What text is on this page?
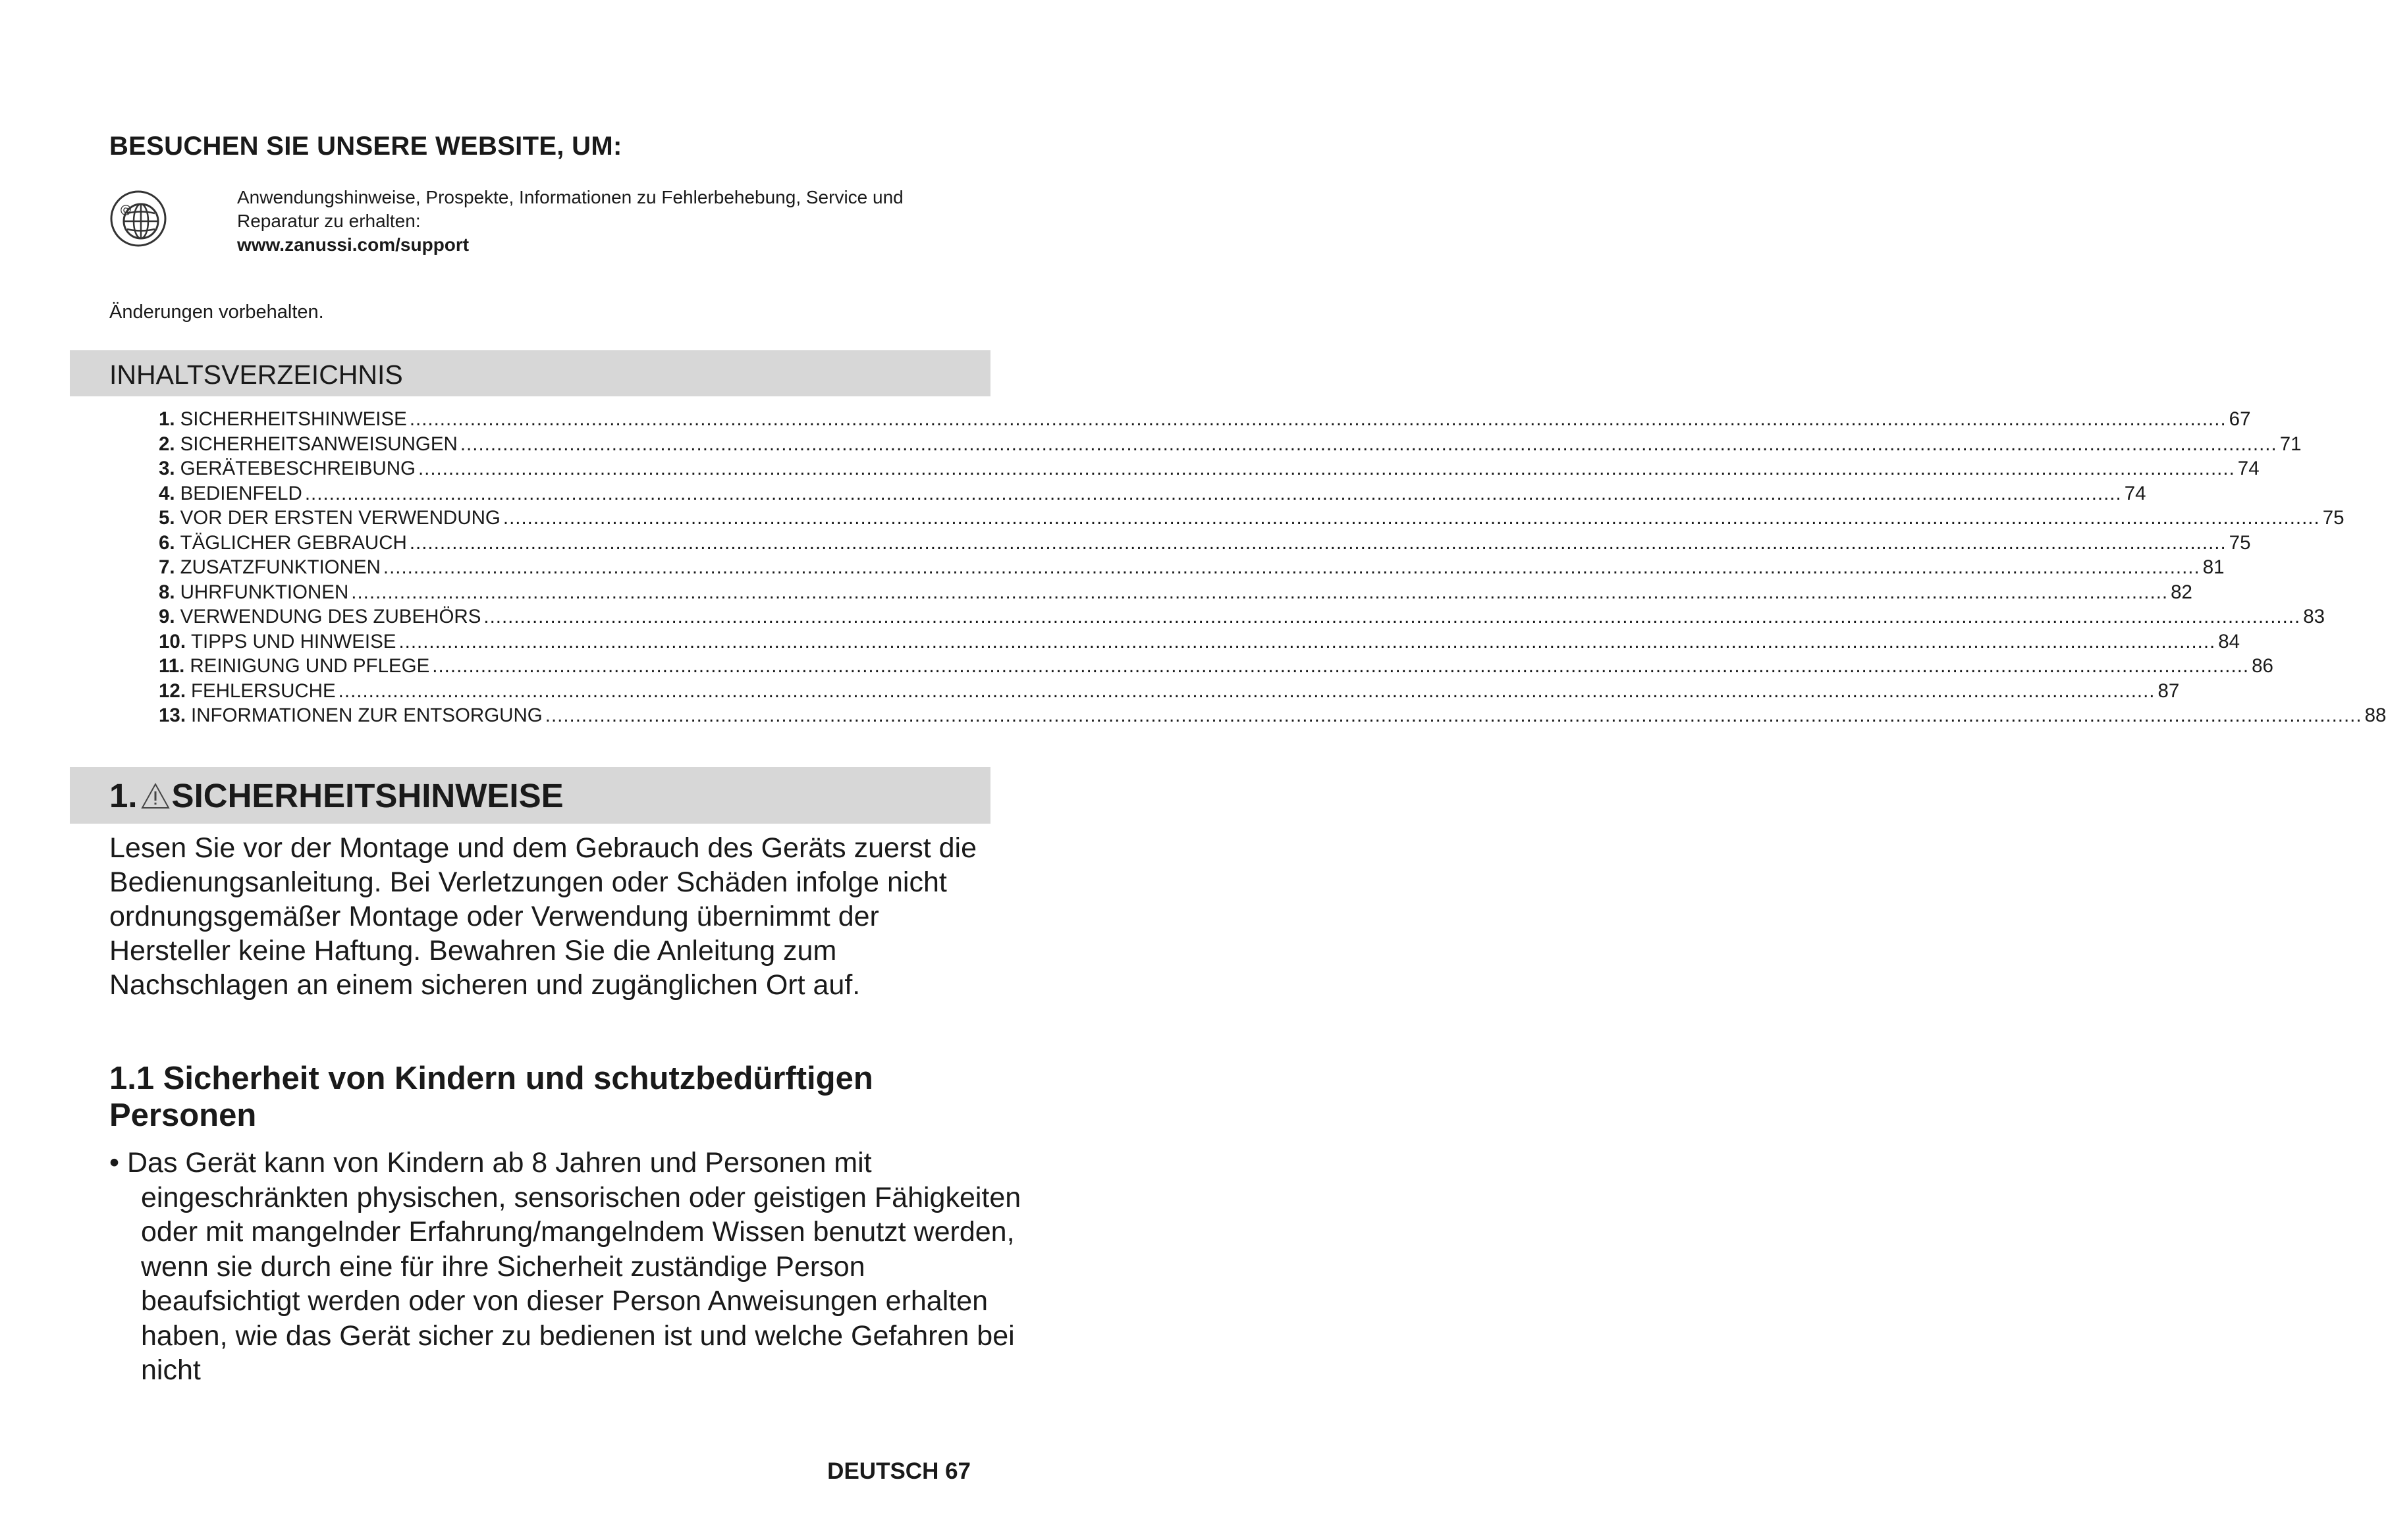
BESUCHEN SIE UNSERE WEBSITE, UM:
@
Anwendungshinweise, Prospekte, Informationen zu Fehlerbehebung, Service und Reparatur zu erhalten:
www.zanussi.com/support
Änderungen vorbehalten.
INHALTSVERZEICHNIS
1. SICHERHEITSHINWEISE ............................................................................................................................................................................................................................................................................................................ 67
2. SICHERHEITSANWEISUNGEN ............................................................................................................................................................................................................................................................................................................ 71
3. GERÄTEBESCHREIBUNG ............................................................................................................................................................................................................................................................................................................ 74
4. BEDIENFELD ............................................................................................................................................................................................................................................................................................................ 74
5. VOR DER ERSTEN VERWENDUNG ............................................................................................................................................................................................................................................................................................................ 75
6. TÄGLICHER GEBRAUCH ............................................................................................................................................................................................................................................................................................................ 75
7. ZUSATZFUNKTIONEN ............................................................................................................................................................................................................................................................................................................ 81
8. UHRFUNKTIONEN ............................................................................................................................................................................................................................................................................................................ 82
9. VERWENDUNG DES ZUBEHÖRS ............................................................................................................................................................................................................................................................................................................ 83
10. TIPPS UND HINWEISE ............................................................................................................................................................................................................................................................................................................ 84
11. REINIGUNG UND PFLEGE ............................................................................................................................................................................................................................................................................................................ 86
12. FEHLERSUCHE ............................................................................................................................................................................................................................................................................................................ 87
13. INFORMATIONEN ZUR ENTSORGUNG ............................................................................................................................................................................................................................................................................................................ 88
1. SICHERHEITSHINWEISE

Lesen Sie vor der Montage und dem Gebrauch des Geräts zuerst die Bedienungsanleitung. Bei Verletzungen oder Schäden infolge nicht ordnungsgemäßer Montage oder Verwendung übernimmt der Hersteller keine Haftung. Bewahren Sie die Anleitung zum Nachschlagen an einem sicheren und zugänglichen Ort auf.

1.1 Sicherheit von Kindern und schutzbedürftigen Personen

• Das Gerät kann von Kindern ab 8 Jahren und Personen mit eingeschränkten physischen, sensorischen oder geistigen Fähigkeiten oder mit mangelnder Erfahrung/mangelndem Wissen benutzt werden, wenn sie durch eine für ihre Sicherheit zuständige Person beaufsichtigt werden oder von dieser Person Anweisungen erhalten haben, wie das Gerät sicher zu bedienen ist und welche Gefahren bei nicht

DEUTSCH 67
